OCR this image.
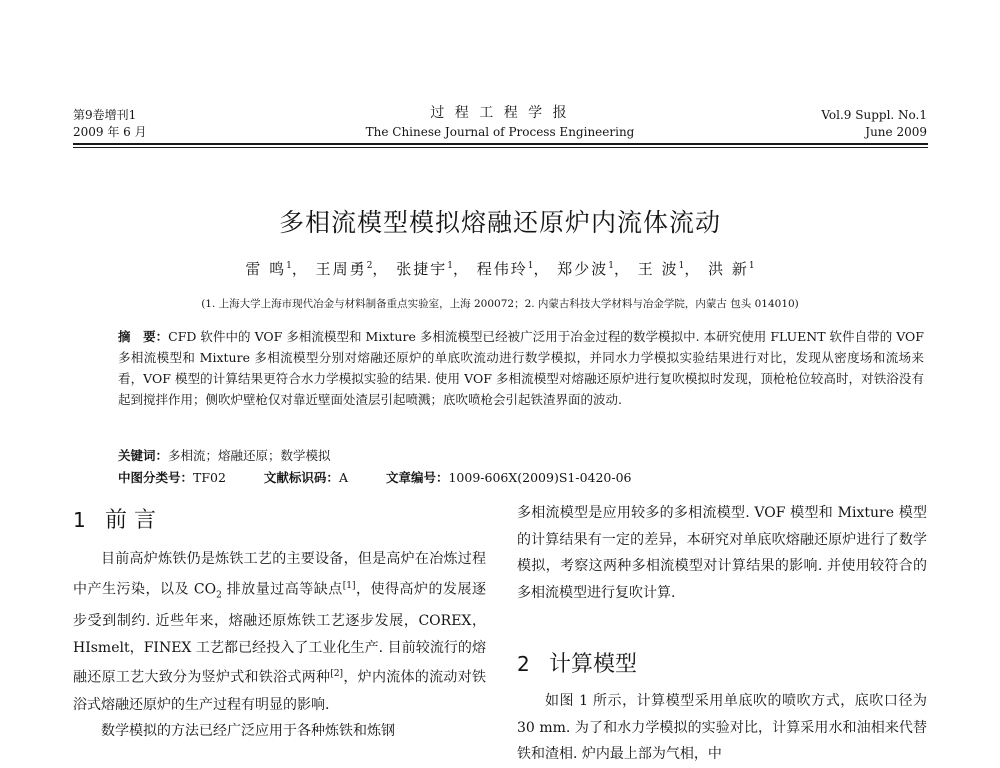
第9卷增刊1
2009 年 6 月
过 程 工 程 学 报
The Chinese Journal of Process Engineering
Vol.9 Suppl. No.1
June 2009
多相流模型模拟熔融还原炉内流体流动
雷 鸣$^1$， 王周勇$^2$， 张捷宇$^1$， 程伟玲$^1$， 郑少波$^1$， 王 波$^1$， 洪 新$^1$
(1. 上海大学上海市现代冶金与材料制备重点实验室，上海 200072；2. 内蒙古科技大学材料与冶金学院，内蒙古 包头 014010)
摘　要：CFD 软件中的 VOF 多相流模型和 Mixture 多相流模型已经被广泛用于冶金过程的数学模拟中. 本研究使用 FLUENT 软件自带的 VOF 多相流模型和 Mixture 多相流模型分别对熔融还原炉的单底吹流动进行数学模拟，并同水力学模拟实验结果进行对比，发现从密度场和流场来看，VOF 模型的计算结果更符合水力学模拟实验的结果. 使用 VOF 多相流模型对熔融还原炉进行复吹模拟时发现，顶枪枪位较高时，对铁浴没有起到搅拌作用；侧吹炉壁枪仅对靠近壁面处渣层引起喷溅；底吹喷枪会引起铁渣界面的波动.
关键词：多相流；熔融还原；数学模拟
中图分类号：TF02	文献标识码：A	文章编号：1009-606X(2009)S1-0420-06
1 前 言

目前高炉炼铁仍是炼铁工艺的主要设备，但是高炉在冶炼过程中产生污染，以及 $CO_2$ 排放量过高等缺点[1]，使得高炉的发展逐步受到制约. 近些年来，熔融还原炼铁工艺逐步发展，COREX，HIsmelt，FINEX 工艺都已经投入了工业化生产. 目前较流行的熔融还原工艺大致分为竖炉式和铁浴式两种[2]，炉内流体的流动对铁浴式熔融还原炉的生产过程有明显的影响.

数学模拟的方法已经广泛应用于各种炼铁和炼钢

多相流模型是应用较多的多相流模型. VOF 模型和 Mixture 模型的计算结果有一定的差异，本研究对单底吹熔融还原炉进行了数学模拟，考察这两种多相流模型对计算结果的影响. 并使用较符合的多相流模型进行复吹计算.
2 计算模型

如图 1 所示，计算模型采用单底吹的喷吹方式，底吹口径为 30 mm. 为了和水力学模拟的实验对比，计算采用水和油相来代替铁和渣相. 炉内最上部为气相，中
